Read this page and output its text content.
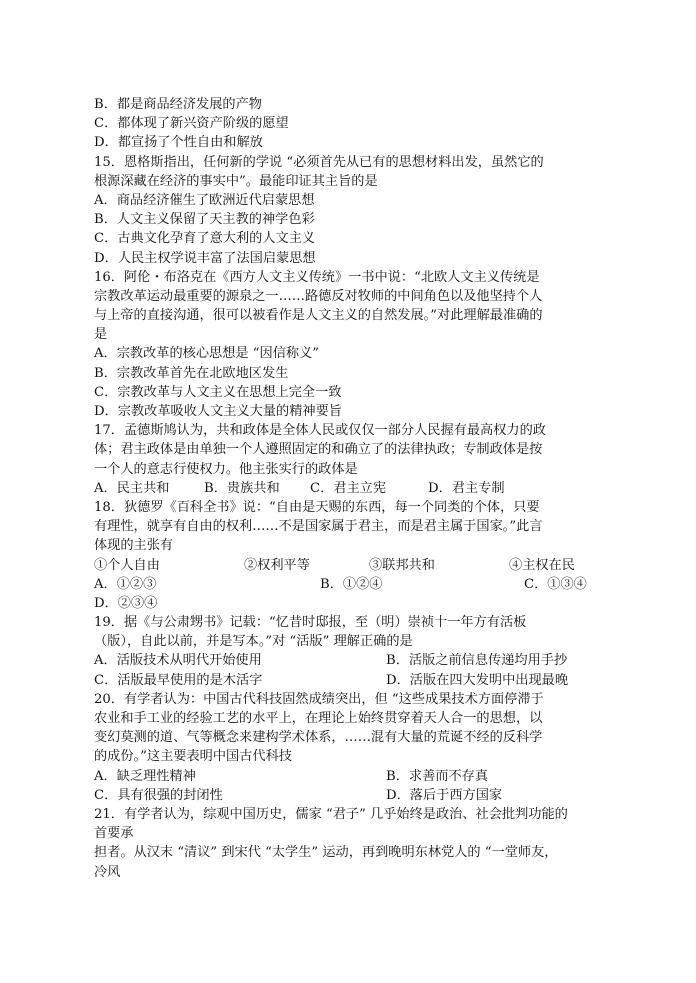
B．都是商品经济发展的产物
C．都体现了新兴资产阶级的愿望
D．都宣扬了个性自由和解放
15．恩格斯指出，任何新的学说 “必须首先从已有的思想材料出发，虽然它的
根源深藏在经济的事实中”。最能印证其主旨的是
A．商品经济催生了欧洲近代启蒙思想
B．人文主义保留了天主教的神学色彩
C．古典文化孕育了意大利的人文主义
D．人民主权学说丰富了法国启蒙思想
16．阿伦・布洛克在《西方人文主义传统》一书中说：“北欧人文主义传统是
宗教改革运动最重要的源泉之一……路德反对牧师的中间角色以及他坚持个人
与上帝的直接沟通，很可以被看作是人文主义的自然发展。”对此理解最准确的
是
A．宗教改革的核心思想是 “因信称义”
B．宗教改革首先在北欧地区发生
C．宗教改革与人文主义在思想上完全一致
D．宗教改革吸收人文主义大量的精神要旨
17．孟德斯鸠认为，共和政体是全体人民或仅仅一部分人民握有最高权力的政
体；君主政体是由单独一个人遵照固定的和确立了的法律执政；专制政体是按
一个人的意志行使权力。他主张实行的政体是
A．民主共和	B．贵族共和	C．君主立宪	D．君主专制
18．狄德罗《百科全书》说：“自由是天赐的东西，每一个同类的个体，只要
有理性，就享有自由的权利……不是国家属于君主，而是君主属于国家。”此言
体现的主张有
①个人自由	②权利平等	③联邦共和	④主权在民
A．①②③	B．①②④	C．①③④
D．②③④
19．据《与公肃甥书》记载：“忆昔时邸报，至（明）崇祯十一年方有活板
（版），自此以前，并是写本。”对 “活版” 理解正确的是
A．活版技术从明代开始使用	B．活版之前信息传递均用手抄
C．活版最早使用的是木活字	D．活版在四大发明中出现最晚
20．有学者认为：中国古代科技固然成绩突出，但 “这些成果技术方面停滞于
农业和手工业的经验工艺的水平上，在理论上始终贯穿着天人合一的思想，以
变幻莫测的道、气等概念来建构学术体系，……混有大量的荒诞不经的反科学
的成份。”这主要表明中国古代科技
A．缺乏理性精神	B．求善而不存真
C．具有很强的封闭性	D．落后于西方国家
21．有学者认为，综观中国历史，儒家 “君子” 几乎始终是政治、社会批判功能的
首要承
担者。从汉末 “清议” 到宋代 “太学生” 运动，再到晚明东林党人的 “一堂师友，
冷风
